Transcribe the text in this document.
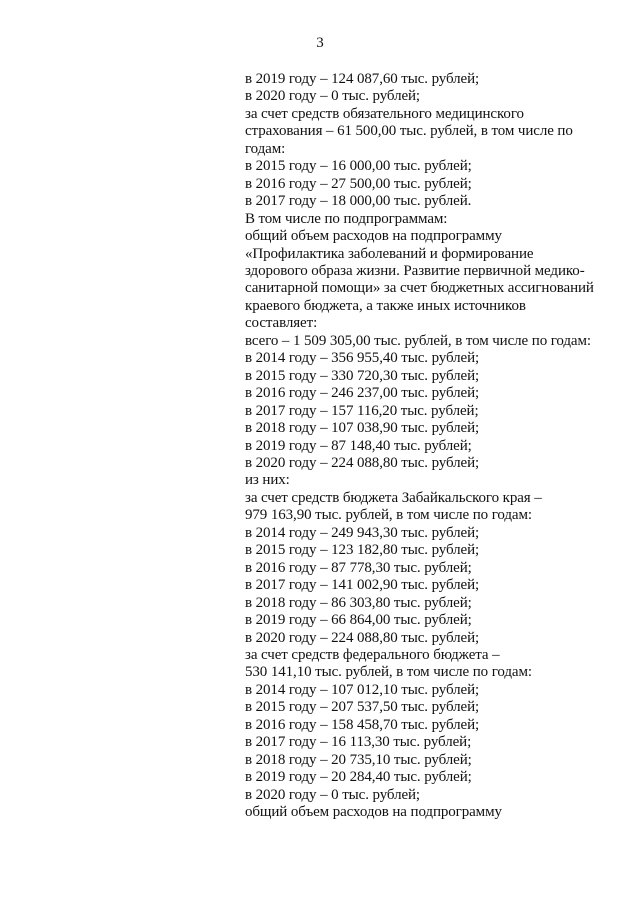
3
в 2019 году – 124 087,60 тыс. рублей;
в 2020 году – 0 тыс. рублей;
за счет средств обязательного медицинского
страхования – 61 500,00 тыс. рублей, в том числе по
годам:
в 2015 году – 16 000,00 тыс. рублей;
в 2016 году – 27 500,00 тыс. рублей;
в 2017 году – 18 000,00 тыс. рублей.
В том числе по подпрограммам:
общий объем расходов на подпрограмму
«Профилактика заболеваний и формирование
здорового образа жизни. Развитие первичной медико-
санитарной помощи» за счет бюджетных ассигнований
краевого бюджета, а также иных источников
составляет:
всего – 1 509 305,00 тыс. рублей, в том числе по годам:
в 2014 году – 356 955,40 тыс. рублей;
в 2015 году – 330 720,30 тыс. рублей;
в 2016 году – 246 237,00 тыс. рублей;
в 2017 году – 157 116,20 тыс. рублей;
в 2018 году – 107 038,90 тыс. рублей;
в 2019 году – 87 148,40 тыс. рублей;
в 2020 году – 224 088,80 тыс. рублей;
из них:
за счет средств бюджета Забайкальского края –
979 163,90 тыс. рублей, в том числе по годам:
в 2014 году – 249 943,30 тыс. рублей;
в 2015 году – 123 182,80 тыс. рублей;
в 2016 году – 87 778,30 тыс. рублей;
в 2017 году – 141 002,90 тыс. рублей;
в 2018 году – 86 303,80 тыс. рублей;
в 2019 году – 66 864,00 тыс. рублей;
в 2020 году – 224 088,80 тыс. рублей;
за счет средств федерального бюджета –
530 141,10 тыс. рублей, в том числе по годам:
в 2014 году – 107 012,10 тыс. рублей;
в 2015 году – 207 537,50 тыс. рублей;
в 2016 году – 158 458,70 тыс. рублей;
в 2017 году – 16 113,30 тыс. рублей;
в 2018 году – 20 735,10 тыс. рублей;
в 2019 году – 20 284,40 тыс. рублей;
в 2020 году – 0 тыс. рублей;
общий объем расходов на подпрограмму
